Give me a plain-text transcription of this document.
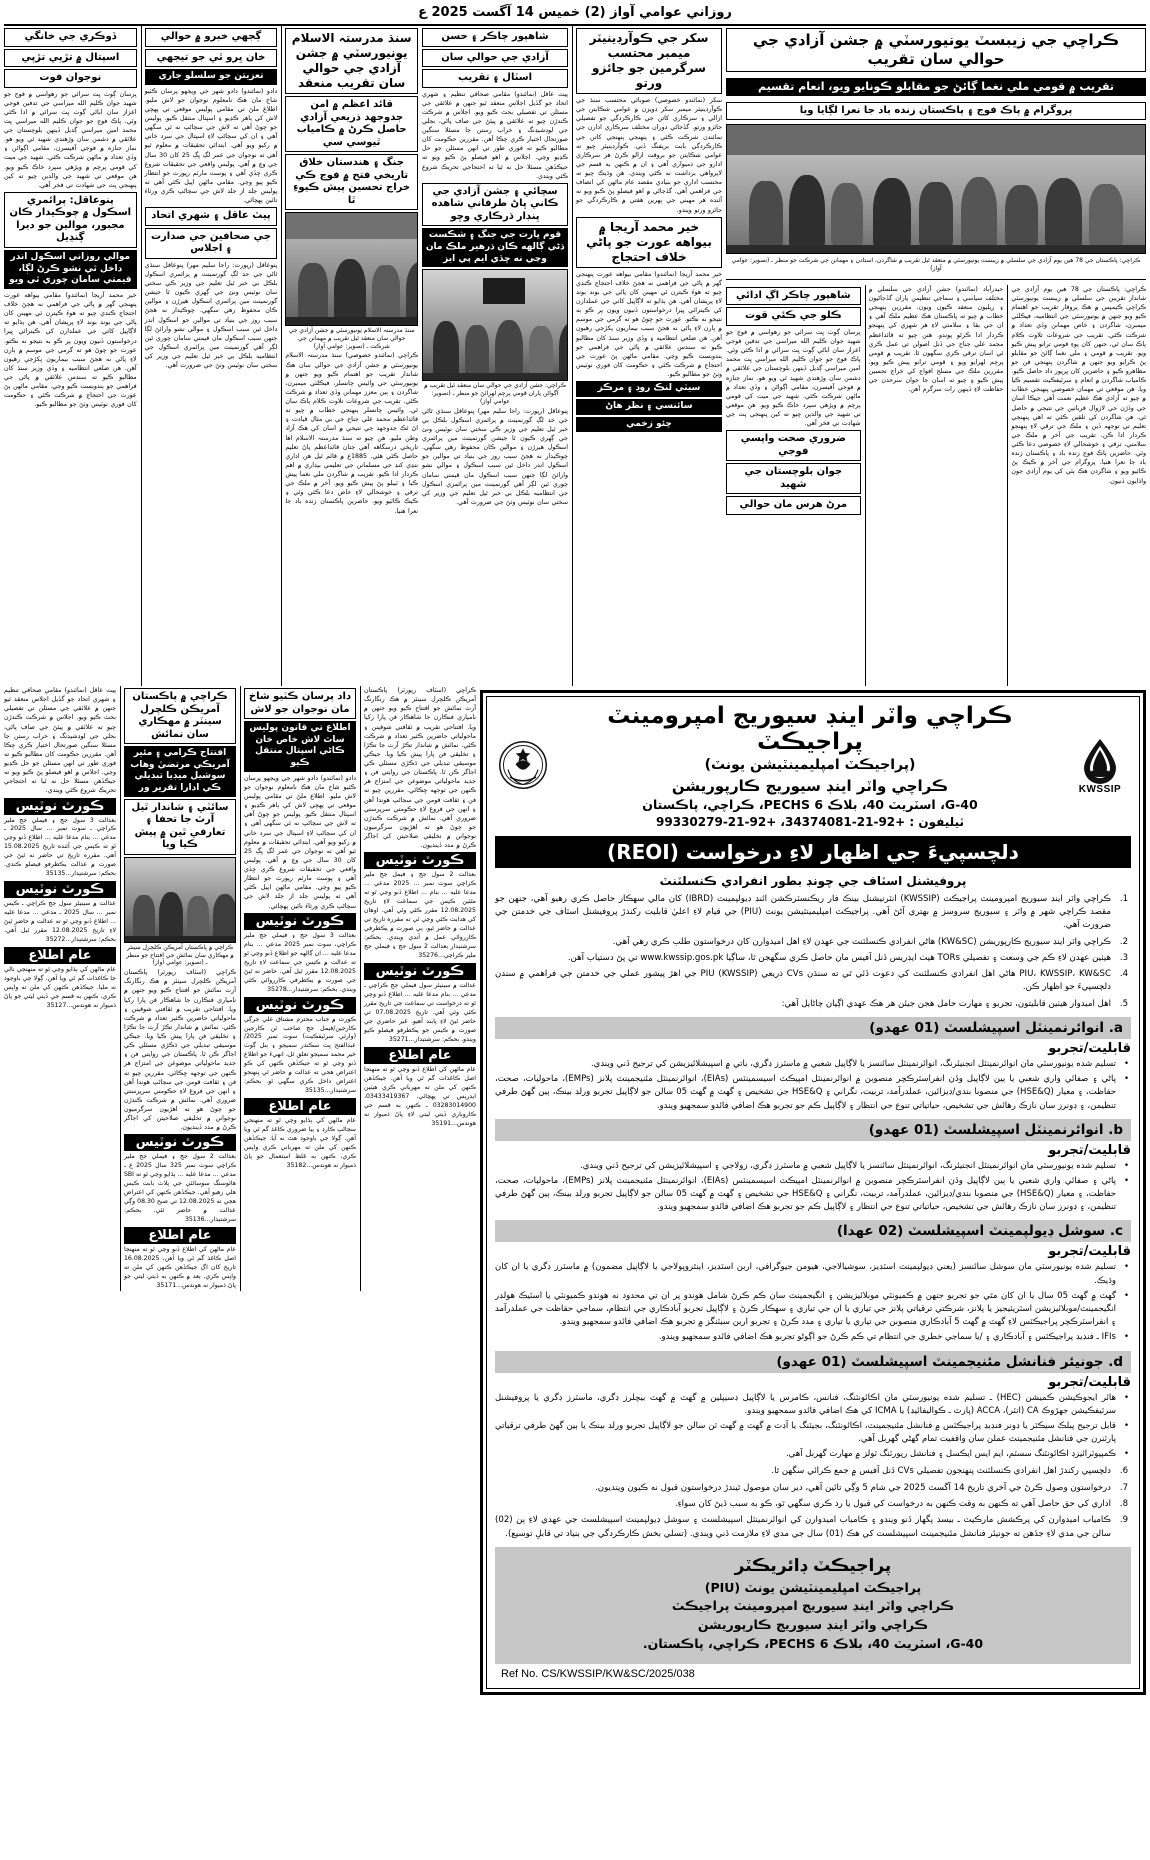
روزاني عوامي آواز (2) خميس 14 آگست 2025 ع
ڪراچي جي زيبسٽ يونيورسٽي ۾ جشن آزادي جي حوالي سان تقريب
تقريب ۾ قومي ملي نغما ڳائڻ جو مقابلو ڪونايو ويو، انعام تقسيم
پروگرام ۾ پاڪ فوج ۽ پاڪستان زنده باد جا نعرا لڳايا ويا
ڪراچي: پاڪستان جي 78 هين يوم آزادي جي سلسلي ۾ زيبسٽ يونيورسٽي ۾ منعقد ٿيل تقريب ۾ شاگردن، استادن ۽ مهمانن جي شرڪت جو منظر ـ (تصوير: عوامي آواز)
ڪراچي: پاڪستان جي 78 هين يوم آزادي جي شاندار تقريبن جي سلسلي ۾ زيبسٽ يونيورسٽي ڪراچي ڪيمپس ۾ هڪ پروقار تقريب جو اهتمام ڪيو ويو جنهن ۾ يونيورسٽي جي انتظاميه، فيڪلٽي ميمبرن، شاگردن ۽ خاص مهمانن وڏي تعداد ۾ شرڪت ڪئي. تقريب جي شروعات تلاوت ڪلام پاڪ سان ٿي، جنهن کان پوءِ قومي ترانو پيش ڪيو ويو. تقريب ۾ قومي ۽ ملي نغما ڳائڻ جو مقابلو پڻ ڪرايو ويو جنهن ۾ شاگردن پنهنجي فن جو مظاهرو ڪيو ۽ حاضرين کان ڀرپور داد حاصل ڪيو. ڪامياب شاگردن ۾ انعام ۽ سرٽيفڪيٽ تقسيم ڪيا ويا. هن موقعي تي مهمان خصوصي پنهنجي خطاب ۾ چيو ته آزادي هڪ عظيم نعمت آهي جيڪا اسان جي وڏڙن جي لازوال قربانين جي نتيجي ۾ حاصل ٿي. هن شاگردن کي تلقين ڪئي ته اهي پنهنجي تعليم تي توجهه ڏين ۽ ملڪ جي ترقي لاءِ پنهنجو ڪردار ادا ڪن. تقريب جي آخر ۾ ملڪ جي سلامتي، ترقي ۽ خوشحالي لاءِ خصوصي دعا ڪئي وئي. حاضرين پاڪ فوج زنده باد ۽ پاڪستان زنده باد جا نعرا هنيا. پروگرام جي آخر ۾ ڪيڪ پڻ ڪاٽيو ويو ۽ شاگردن هڪ ٻئي کي يوم آزادي جون واڌايون ڏنيون.
حيدرآباد (نمائندو) جشن آزادي جي سلسلي ۾ مختلف سياسي ۽ سماجي تنظيمن پاران گڏجاڻيون ۽ ريليون منعقد ڪيون ويون. مقررين پنهنجي خطاب ۾ چيو ته پاڪستان هڪ عظيم ملڪ آهي ۽ ان جي بقا ۽ سلامتي لاءِ هر شهري کي پنهنجو ڪردار ادا ڪرڻو پوندو. هنن چيو ته قائداعظم محمد علي جناح جي ڏنل اصولن تي عمل ڪري ئي اسان ترقي ڪري سگهون ٿا. تقريب ۾ قومي پرچم لهرايو ويو ۽ قومي ترانو پيش ڪيو ويو. مقررين ملڪ جي مسلح افواج کي خراج تحسين پيش ڪيو ۽ چيو ته اسان جا جوان سرحدن جي حفاظت لاءِ ڏينهن رات سرگرم آهن.
شاهپور چاڪر اڳ ادائي
ڪلو جي ڪئي قوت
پرسان ڳوٺ ڀت سرائي جو رهواسي ۾ فوج جو شهيد جوان ڪليم الله ميراسي جي تدفين فوجي اعزاز سان اباڻي ڳوٺ ڀت سرائي ۾ ادا ڪئي وئي. پاڪ فوج جو جوان ڪليم الله ميراسي ڀت محمد امين ميراسي ڳديل ڏينهن بلوچستان جي علائقي ۾ دشمن سان وڙهندي شهيد ٿي ويو هو. نماز جنازه ۾ فوجي آفيسرن، مقامي اڳواڻن ۽ وڏي تعداد ۾ ماڻهن شرڪت ڪئي. شهيد جي ميت کي قومي پرچم ۾ ويڙهي سپرد خاڪ ڪيو ويو. هن موقعي تي شهيد جي والدين چيو ته کين پنهنجي پٽ جي شهادت تي فخر آهي.
ضروري صحت واپسي فوجي
جوان بلوچستان جي شهيد
مرڻ هرس مان حوالي
سکر جي ڪوآرڊينيٽر ميمبر محتسب سرگرمين جو جائزو ورتو
سکر (نمائندو خصوصي) صوبائي محتسب سنڌ جي ڪوآرڊينيٽر ميمبر سکر ڊويزن ۾ عوامي شڪايتن جي ازالي ۽ سرڪاري کاتن جي ڪارڪردگي جو تفصيلي جائزو ورتو. گڏجاڻي دوران مختلف سرڪاري ادارن جي نمائندن شرڪت ڪئي ۽ پنهنجي پنهنجي کاتن جي ڪارڪردگي بابت بريفنگ ڏني. ڪوآرڊينيٽر چيو ته عوامي شڪايتن جو بروقت ازالو ڪرڻ هر سرڪاري ادارو جي ذميواري آهي ۽ ان ۾ ڪنهن به قسم جي لاپرواهي برداشت نه ڪئي ويندي. هن وڌيڪ چيو ته محتسب اداري جو بنيادي مقصد عام ماڻهن کي انصاف جي فراهمي آهي. گڏجاڻي ۾ اهو فيصلو پڻ ڪيو ويو ته آئنده هر مهيني جي پهرين هفتي ۾ ڪارڪردگي جو جائزو ورتو ويندو.
خير محمد آريجا ۾ بيواهه عورت جو پاڻي خلاف احتجاج
خير محمد آريجا (نمائندو) مقامي بيواهه عورت پنهنجي گهر ۾ پاڻي جي فراهمي نه هجڻ خلاف احتجاج ڪندي چيو ته هوءَ ڪيترن ئي مهينن کان پاڻي جي بوند بوند لاءِ پريشان آهي. هن ٻڌايو ته لاڳاپيل کاتي جي عملدارن کي ڪيترائي ڀيرا درخواستون ڏنيون ويون پر ڪو به نتيجو نه نڪتو. عورت جو چوڻ هو ته گرمي جي موسم ۾ ٻارن لاءِ پاڻي نه هجڻ سبب بيماريون پکڙجي رهيون آهن. هن ضلعي انتظاميه ۽ وڏي وزير سنڌ کان مطالبو ڪيو ته سندس علائقي ۾ پاڻي جي فراهمي جو بندوبست ڪيو وڃي. مقامي ماڻهن پڻ عورت جي احتجاج ۾ شرڪت ڪئي ۽ حڪومت کان فوري نوٽيس وٺڻ جو مطالبو ڪيو.
سيٽي لنڪ روڊ ۽ مرڪز
سائنسي ۽ نظر هاڻ
چئو زخمي
شاهپور چاڪر ۽ حسن
آزادي جي حوالي سان
اسٽال ۽ تقريب
پيٽ عاقل (نمائندو) مقامي صحافي تنظيم ۽ شهري اتحاد جو گڏيل اجلاس منعقد ٿيو جنهن ۾ علائقي جي مسئلن تي تفصيلي بحث ڪيو ويو. اجلاس ۾ شرڪت ڪندڙن چيو ته علائقي ۾ پيئڻ جي صاف پاڻي، بجلي جي لوڊشيڊنگ ۽ خراب رستن جا مسئلا سنگين صورتحال اختيار ڪري چڪا آهن. مقررين حڪومت کان مطالبو ڪيو ته فوري طور تي انهن مسئلن جو حل ڪڍيو وڃي. اجلاس ۾ اهو فيصلو پڻ ڪيو ويو ته جيڪڏهن مسئلا حل نه ٿيا ته احتجاجي تحريڪ شروع ڪئي ويندي.
سچائي ۽ جشن آزادي جي ڪاني ڀاڻ طرفاني شاهده ڀنڊار ڌرڪاري وڇو
قوم ڀارت جي جنگ ۽ شڪست ڌڻي ڳالهه ڪان ڌرهير ملڪ مان وڃي نه ڇڏي ايم پي ايز
ڪراچي: جشن آزادي جي حوالي سان منعقد ٿيل تقريب ۾ اڳواڻن پاران قومي پرچم لهرائڻ جو منظر ـ (تصوير: عوامي آواز)
پنوعاقل (رپورٽ: راجا سليم مهر) پنوعاقل سنڌي ٿاڻي جي حد لڳ گورنمينٽ ۾ پرائمري اسڪول بلڪل بي خبر ٿيل تعليم جي وزير ڪي سختي سان نوٽيس ونئ جي ڳهري ڪيون ٿا جيشن گورنمينٽ مين پرائمري اسڪول هيرڙن ۽ موالين ڪان محفوظ رهي سگهي. چوڪيدار نه هجڻ سبب روز جي بنياد تي موالين جو اسڪول اندر داخل ٿين سبب اسڪول ۽ موالي نشو وارائڻ لڳا جنهن سبب اسڪول مان قيمتي سامان چوري ٿين لڳر آهي گورنمينٽ مين پرائمري اسڪول جي انتظاميه بلڪل بي خبر ٿيل تعليم جي وزير کي سختي سان نوٽيس وٺڻ جي ضرورت آهي.
سنڌ مدرستہ الاسلام يونيورسٽي ۾ جشن آزادي جي حوالي سان تقريب منعقد
قائد اعظم ۾ امن جدوجهد ذريعي آزادي حاصل ڪرڻ ۾ ڪامياب ٿيوسي سي
جنگ ۽ هندستان خلاق تاريخي فتح ۾ فوج ڪي خراج تحسين پيش ڪيوءِ ٿا
سنڌ مدرستہ الاسلام يونيورسٽي ۾ جشن آزادي جي حوالي سان منعقد ٿيل تقريب ۾ مهمانن جي شرڪت ـ (تصوير: عوامي آواز)
ڪراچي (نمائندو خصوصي) سنڌ مدرستہ الاسلام يونيورسٽي ۾ جشن آزادي جي حوالي سان هڪ شاندار تقريب جو اهتمام ڪيو ويو جنهن ۾ يونيورسٽي جي وائيس چانسلر، فيڪلٽي ميمبرن، شاگردن ۽ ٻين معزز مهمانن وڏي تعداد ۾ شرڪت ڪئي. تقريب جي شروعات تلاوت ڪلام پاڪ سان ٿي. وائيس چانسلر پنهنجي خطاب ۾ چيو ته قائداعظم محمد علي جناح جي بي مثال قيادت ۽ اڻ ٿڪ جدوجهد جي نتيجي ۾ اسان کي هڪ آزاد وطن مليو. هن چيو ته سنڌ مدرستہ الاسلام اها تاريخي درسگاهه آهي جتان قائداعظم پاڻ تعليم حاصل ڪئي هئي. 1885ع ۾ قائم ٿيل هن اداري ننڍي کنڊ جي مسلمانن جي تعليمي بيداري ۾ اهم ڪردار ادا ڪيو. تقريب ۾ شاگردن ملي نغما پيش ڪيا ۽ ٽيبلو پڻ پيش ڪيو ويو. آخر ۾ ملڪ جي ترقي ۽ خوشحالي لاءِ خاص دعا ڪئي وئي ۽ ڪيڪ ڪاٽيو ويو. حاضرين پاڪستان زنده باد جا نعرا هنيا.
ڳجهي خبرو ۾ حوالي
خان ڀرو ٿي جو تيجهي
تعزيتن جو سلسلو جاري
دادو (نمائندو) دادو شهر جي ويجهو پرسان ڪٽيو شاخ مان هڪ نامعلوم نوجوان جو لاش مليو. اطلاع ملڻ تي مقامي پوليس موقعي تي پهچي لاش کي ٻاهر ڪڍيو ۽ اسپتال منتقل ڪيو. پوليس جو چوڻ آهي ته لاش جي سڃاڻپ نه ٿي سگهي آهي ۽ ان کي سڃاڻپ لاءِ اسپتال جي سرد خاني ۾ رکيو ويو آهي. ابتدائي تحقيقات ۾ معلوم ٿيو آهي ته نوجوان جي عمر لڳ ڀڳ 25 کان 30 سال جي وچ ۾ آهي. پوليس واقعي جي تحقيقات شروع ڪري ڇڏي آهي ۽ پوسٽ مارٽم رپورٽ جو انتظار ڪيو پيو وڃي. مقامي ماڻهن اپيل ڪئي آهي ته پوليس جلد از جلد لاش جي سڃاڻپ ڪري ورثاءَ تائين پهچائي.
پيٽ عاقل ۽ شهري اتحاد
جي صحافين جي صدارت ۽ اجلاس
پنوعاقل (رپورٽ: راجا سليم مهر) پنوعاقل سنڌي ٿاڻي جي حد لڳ گورنمينٽ ۾ پرائمري اسڪول بلڪل بي خبر ٿيل تعليم جي وزير ڪي سختي سان نوٽيس ونئ جي ڳهري ڪيون ٿا جيشن گورنمينٽ مين پرائمري اسڪول هيرڙن ۽ موالين ڪان محفوظ رهي سگهي. چوڪيدار نه هجڻ سبب روز جي بنياد تي موالين جو اسڪول اندر داخل ٿين سبب اسڪول ۽ موالي نشو وارائڻ لڳا جنهن سبب اسڪول مان قيمتي سامان چوري ٿين لڳر آهي گورنمينٽ مين پرائمري اسڪول جي انتظاميه بلڪل بي خبر ٿيل تعليم جي وزير کي سختي سان نوٽيس وٺڻ جي ضرورت آهي.
ڏوڪري جي خانگي
اسپتال ۾ تڙپي تڙپي
نوجوان فوت
پرسان ڳوٺ ڀت سرائي جو رهواسي ۾ فوج جو شهيد جوان ڪليم الله ميراسي جي تدفين فوجي اعزاز سان اباڻي ڳوٺ ڀت سرائي ۾ ادا ڪئي وئي. پاڪ فوج جو جوان ڪليم الله ميراسي ڀت محمد امين ميراسي ڳديل ڏينهن بلوچستان جي علائقي ۾ دشمن سان وڙهندي شهيد ٿي ويو هو. نماز جنازه ۾ فوجي آفيسرن، مقامي اڳواڻن ۽ وڏي تعداد ۾ ماڻهن شرڪت ڪئي. شهيد جي ميت کي قومي پرچم ۾ ويڙهي سپرد خاڪ ڪيو ويو. هن موقعي تي شهيد جي والدين چيو ته کين پنهنجي پٽ جي شهادت تي فخر آهي.
پنوعاقل: پرائمري اسڪول ۾ چوڪيدار ڪان مجبور، موالين جو ديرا ڳنڍيل
موالي روزاني اسڪول اندر داخل ٿي نشو ڪرڻ لڳا، قيمتي سامان چوري ٿي ويو
خير محمد آريجا (نمائندو) مقامي بيواهه عورت پنهنجي گهر ۾ پاڻي جي فراهمي نه هجڻ خلاف احتجاج ڪندي چيو ته هوءَ ڪيترن ئي مهينن کان پاڻي جي بوند بوند لاءِ پريشان آهي. هن ٻڌايو ته لاڳاپيل کاتي جي عملدارن کي ڪيترائي ڀيرا درخواستون ڏنيون ويون پر ڪو به نتيجو نه نڪتو. عورت جو چوڻ هو ته گرمي جي موسم ۾ ٻارن لاءِ پاڻي نه هجڻ سبب بيماريون پکڙجي رهيون آهن. هن ضلعي انتظاميه ۽ وڏي وزير سنڌ کان مطالبو ڪيو ته سندس علائقي ۾ پاڻي جي فراهمي جو بندوبست ڪيو وڃي. مقامي ماڻهن پڻ عورت جي احتجاج ۾ شرڪت ڪئي ۽ حڪومت کان فوري نوٽيس وٺڻ جو مطالبو ڪيو.
KWSSIP
ڪراچي واٽر اينڊ سيوريج امپرومينٽ پراجيڪٽ
(پراجيڪٽ امپليمينٽيشن يونٽ)
ڪراچي واٽر اينڊ سيوريج ڪارپوريشن
40-G، اسٽريٽ 40، بلاڪ 6 PECHS، ڪراچي، پاڪستان
ٽيليفون : +92-21-34374081، +92-21-99330279
دلچسپيءَ جي اظهار لاءِ درخواست (REOI)
پروفيشنل اسٽاف جي چونڊ بطور انفرادي ڪنسلٽنٽ
1.
ڪراچي واٽر اينڊ سيوريج امپرومينٽ پراجيڪٽ (KWSSIP) انٽرنيشنل بينڪ فار ريڪنسٽرڪشن ائنڊ ڊيولپمينٽ (IBRD) کان مالي سهڪار حاصل ڪري رهيو آهي، جنهن جو مقصد ڪراچي شهر ۾ واٽر ۽ سيوريج سروسز ۾ بهتري آڻڻ آهي. پراجيڪٽ امپليمينٽيشن يونٽ (PIU) جي قيام لاءِ اعليٰ قابليت رکندڙ پروفيشنل اسٽاف جي خدمتن جي ضرورت آهي.
2.
ڪراچي واٽر اينڊ سيوريج ڪارپوريشن (KW&SC) هاڻي انفرادي ڪنسلٽنٽ جي عهدن لاءِ اهل اميدوارن کان درخواستون طلب ڪري رهي آهي.
3.
هيٺين عهدن لاءِ ڪم جي وسعت ۽ تفصيلي TORs هيٺ ايڊريس ڏنل آفيس مان حاصل ڪري سگهجن ٿا، ساڳيا www.kwssip.gos.pk تي پڻ دستياب آهن.
4.
PIU، KWSSIP، KW&SC هاڻي اهل انفرادي ڪنسلٽنٽ کي دعوت ڏئي ٿي ته سنڌن CVs ذريعي PIU (KWSSIP) جي اهڙ پيشور عملي جي خدمتن جي فراهمي ۾ سندن دلچسپيءَ جو اظهار ڪن.
5.
اهل اميدوار هيٺين قابليتون، تجربو ۽ مهارت حامل هجن جيئن هر هڪ عهدي اڳيان ڄاڻايل آهي:
a. انوائرنمينٽل اسپيشلسٽ (01 عهدو)
قابليت/تجربو
•
تسليم شده يونيورسٽي مان انوائرنمينٽل انجنيئرنگ، انوائرنمينٽل سائنسز يا لاڳاپيل شعبي ۾ ماسٽرز ڊگري، باتي ۾ اسپيشلائيزيشن کي ترجيح ڏني ويندي.
•
پاڻي ۽ صفائي واري شعبي يا ٻين لاڳاپيل وڏن انفراسٽرڪچر منصوبن ۾ انوائرنمينٽل امپيڪٽ اسيسمينٽس (EIAs)، انوائرنمينٽل مئنيجمينٽ پلانز (EMPs)، ماحوليات، صحت، حفاظت، ۽ معيار (HSE&Q) جي منصوبا بندي/ڊيزائين، عملدرآمد، تربيت، نگراني ۽ HSE&Q جي تشخيص ۽ گهٽ ۾ گهٽ 05 سالن جو لاڳاپيل تجربو ورلڊ بينڪ، ٻين گهڻ طرفي تنظيمن، ۽ ڊونرز سان نازڪ رهائش جي تشخيص، حياتياتي تنوع جي انتظار ۽ لاڳاپيل ڪم جو تجربو هڪ اضافي فائدو سمجهيو ويندو.
b. انوائرنمينٽل اسپيشلسٽ (01 عهدو)
قابليت/تجربو
•
تسليم شده يونيورسٽي مان انوائرنمينٽل انجنيئرنگ، انوائرنمينٽل سائنسز يا لاڳاپيل شعبي ۾ ماسٽرز ڊگري، زولاجي ۽ اسپيشلائيزيشن کي ترجيح ڏني ويندي.
•
پاڻي ۽ صفائي واري شعبي يا ٻين لاڳاپيل وڏن انفراسٽرڪچر منصوبن ۾ انوائرنمينٽل امپيڪٽ اسيسمينٽس (EIAs)، انوائرنمينٽل مئنيجمينٽ پلانز (EMPs)، ماحوليات، صحت، حفاظت، ۽ معيار (HSE&Q) جي منصوبا بندي/ڊيزائين، عملدرآمد، تربيت، نگراني ۽ HSE&Q جي تشخيص ۽ گهٽ ۾ گهٽ 05 سالن جو لاڳاپيل تجربو ورلڊ بينڪ، ٻين گهڻ طرفي تنظيمن، ۽ ڊونرز سان نازڪ رهائش جي تشخيص، حياتياتي تنوع جي انتظار ۽ لاڳاپيل ڪم جو تجربو هڪ اضافي فائدو سمجهيو ويندو.
c. سوشل ڊيولپمينٽ اسپيشلسٽ (02 عهدا)
قابليت/تجربو
•
تسليم شده يونيورسٽي مان سوشل سائنسز (يعني ڊيولپمينٽ اسٽڊيز، سوشيالاجي، هيومن جيوگرافي، اربن اسٽڊيز، اينٿروپولاجي يا لاڳاپيل مضمون) ۾ ماسٽرز ڊگري يا ان کان وڌيڪ.
•
گهٽ ۾ گهٽ 05 سال يا ان کان مٿي جو تجربو جنهن ۾ ڪميونٽي موبلائيزيشن ۽ انگيجمينٽ سان ڪم ڪرڻ شامل هوندو پر ان تي محدود نه هوندو ڪميونٽي يا اسٽيڪ هولڊر انگيجمينٽ/موبلائيزيشن اسٽريٽيجيز يا پلانز، شرڪتي ترقياتي پلانز جي تياري يا ان جي تياري ۽ سهڪار ڪرڻ ۽ لاڳاپيل تجربو آبادڪاري جي انتظام، سماجي حفاظت جي عملدرآمد ۽ انفراسٽرڪچر پراجيڪٽس لاءِ گهٽ ۾ گهٽ 5 آبادڪاري منصوبن جي تياري يا تياري ۽ مدد ڪرڻ ۽ تجربو اربن سيٽنگز ۾ تجربو هڪ اضافي فائدو سمجهيو ويندو.
•
IFIs ـ فنڊيڊ پراجيڪٽس ۽ آبادڪاري ۽ /يا سماجي خطري جي انتظام تي ڪم ڪرڻ جو اڳوڻو تجربو هڪ اضافي فائدو سمجهيو ويندو.
d. جونيئر فنانشل مئنيجمينٽ اسپيشلسٽ (01 عهدو)
قابليت/تجربو
•
هائر ايجوڪيشن ڪميشن (HEC) ـ تسليم شده يونيورسٽي مان اڪائونٽنگ، فنانس، ڪامرس يا لاڳاپيل ڊسيپلين ۾ گهٽ ۾ گهٽ بيچلرز ڊگري، ماسٽرز ڊگري يا پروفيشنل سرٽيفڪيشن جهڙوڪ CA (انٽر)، ACCA (پارٽ ـ ڪواليفائيڊ) يا ICMA کي هڪ اضافي فائدو سمجهيو ويندو.
•
قابل ترجيح پبلڪ سيڪٽر يا ڊونر فنڊيڊ پراجيڪٽس ۾ فنانشل مئنيجمينٽ، اڪائونٽنگ، بجيٽنگ يا آڊٽ ۾ گهٽ ۾ گهٽ ٽن سالن جو لاڳاپيل تجربو ورلڊ بينڪ يا ٻين گهڻ طرفي ترقياتي پارٽنرن جي فنانشل مئنيجمينٽ عملن سان واقفيت تمام گهڻي گهربل آهي.
•
ڪمپيوٽرائيزڊ اڪائونٽنگ سسٽم، ايم ايس ايڪسل ۽ فنانشل رپورٽنگ ٽولز ۾ مهارت گهربل آهي.
6.
دلچسپي رکندڙ اهل انفرادي ڪنسلٽنٽ پنهنجون تفصيلي CVs ڏنل آفيس ۾ جمع ڪرائي سگهن ٿا.
7.
درخواستون وصول ڪرڻ جي آخري تاريخ 14 آگسٽ 2025 جي شام 5 وڳي تائين آهي، دير سان موصول ٿيندڙ درخواستون قبول نه ڪيون وينديون.
8.
اداري کي حق حاصل آهي ته ڪنهن به وقت ڪنهن به درخواست کي قبول يا رد ڪري سگهي ٿو، ڪو به سبب ڏيڻ کان سواءِ.
9.
ڪامياب اميدوارن کي پرڪشش مارڪيٽ ـ بيسڊ پگهار ڏنو ويندو ۽ ڪامياب اميدوارن کي انوائرنمينٽل اسپيشلسٽ ۽ سوشل ڊيولپمينٽ اسپيشلسٽ جي عهدي لاءِ ٻن (02) سالن جي مدي لاءِ جڏهن ته جونيئر فنانشل مئنيجمينٽ اسپيشلسٽ کي هڪ (01) سال جي مدي لاءِ ملازمت ڏني ويندي. (تسلي بخش ڪارڪردگي جي بنياد تي قابلِ توسيع).
پراجيڪٽ ڊائريڪٽر
پراجيڪٽ امپليمينٽيشن يونٽ (PIU)
ڪراچي واٽر اينڊ سيوريج امپرومينٽ پراجيڪٽ
ڪراچي واٽر اينڊ سيوريج ڪارپوريشن
40-G، اسٽريٽ 40، بلاڪ 6 PECHS، ڪراچي، پاڪستان.
Ref No. CS/KWSSIP/KW&SC/2025/038
ڪراچي (اسٽاف رپورٽر) پاڪستان آمريڪن ڪلچرل سينٽر ۾ هڪ رنگارنگ آرٽ نمائش جو افتتاح ڪيو ويو جنهن ۾ نامياري فنڪارن جا شاهڪار فن پارا رکيا ويا. افتتاحي تقريب ۾ ثقافتي شوقينن ۽ ماحولياتي حاضرين ڪثير تعداد ۾ شرڪت ڪئي. نمائش ۾ شاندار تڪڙ آرٽ جا تڪڙا ۽ تخليقي فن پارا پيش ڪيا ويا. جيڪي موسيقي تبديلي جي ڌڪڙي مسئلي ڪي اجاگر ڪن ٿا. پاڪستان جي روايتي فن ۽ جديد ماحولياتي موضوعن جي امتزاج هر ڪنهن جي توجهه ڇڪائي. مقررين چيو ته فن ۽ ثقافت قومن جي سڃاڻپ هوندا آهن ۽ انهن جي فروغ لاءِ حڪومتي سرپرستي ضروري آهي. نمائش ۾ شرڪت ڪندڙن جو چوڻ هو ته اهڙيون سرگرميون نوجوانن ۾ تخليقي صلاحيتن کي اجاگر ڪرڻ ۾ مدد ڏينديون.
ڪورٽ نوٽيس
بعدالت 2 سول جج ۽ فيمل جج ملير ڪراچي سوٽ نمبر ... 2025 مدعي ... مدعا عليه ... بنام ... اطلاع ڏنو وڃي ٿو ته مٿئين ڪيس جي سماعت لاءِ تاريخ 12.08.2025 مقرر ڪئي وئي آهي. اوهان کي هدايت ڪئي وڃي ٿي ته مقرره تاريخ تي عدالت ۾ حاضر ٿيو، ٻي صورت ۾ يڪطرفي ڪارروائي عمل ۾ آندي ويندي. بحڪم: سرشتيدار بعدالت 2 سول جج ۽ فيملي جج ملير ڪراچي...35276
ڪورٽ نوٽيس
عدالت ۾ سينيئر سول فيملي جج ڪراچي ـ مدعي ... بنام مدعا عليه ... اطلاع ڏنو وڃي ٿو ته درخواست تي سماعت جي تاريخ مقرر ڪئي وئي آهي. تاريخ 07.08.2025 تي حاضر ٿيڻ لاءِ پابند آهيو. غير حاضري جي صورت ۾ ڪيس جو يڪطرفو فيصلو ڪيو ويندو. بحڪم: سرشتيدار...35271
عام اطلاع
عام ماڻهن کي اطلاع ڏنو وڃي ٿو ته منهنجا اصل ڪاغذات گم ٿي ويا آهن. جيڪڏهن ڪنهن کي ملن ته مهرباني ڪري هيٺين ايڊريس تي پهچائي. 03433419367، 03283014900 ـ ڪنهن به قسم جي ڪاروباري ڏيتي ليتي لاءِ پاڻ ذميوار نه هوندس...35191
داد پرسان ڪٽيو شاخ مان نوجوان جو لاش
اطلاع تي قانون پوليس ساٿ لاش خاص خان ڪاڻي اسپتال منتقل ڪيو
دادو (نمائندو) دادو شهر جي ويجهو پرسان ڪٽيو شاخ مان هڪ نامعلوم نوجوان جو لاش مليو. اطلاع ملڻ تي مقامي پوليس موقعي تي پهچي لاش کي ٻاهر ڪڍيو ۽ اسپتال منتقل ڪيو. پوليس جو چوڻ آهي ته لاش جي سڃاڻپ نه ٿي سگهي آهي ۽ ان کي سڃاڻپ لاءِ اسپتال جي سرد خاني ۾ رکيو ويو آهي. ابتدائي تحقيقات ۾ معلوم ٿيو آهي ته نوجوان جي عمر لڳ ڀڳ 25 کان 30 سال جي وچ ۾ آهي. پوليس واقعي جي تحقيقات شروع ڪري ڇڏي آهي ۽ پوسٽ مارٽم رپورٽ جو انتظار ڪيو پيو وڃي. مقامي ماڻهن اپيل ڪئي آهي ته پوليس جلد از جلد لاش جي سڃاڻپ ڪري ورثاءَ تائين پهچائي.
ڪورٽ نوٽيس
بعدالت 3 سول جج ۽ فيملي جج ملير ڪراچي، سوٽ نمبر 2025 مدعي ... بنام مدعا عليه ... ان ڳالهه جو اطلاع ڏنو وڃي ٿو ته عدالت ۾ ڪيس جي سماعت لاءِ تاريخ 12.08.2025 مقرر ٿيل آهي. حاضر نه ٿيڻ جي صورت ۾ يڪطرفي ڪارروائي ڪئي ويندي. بحڪم: سرشتيدار...35278
ڪورٽ نوٽيس
ڪورٽ ۾ جناب محترم مشتاق علي جرڳي ڪارجين/فيمل جج صاحب ٽن ڪارجين (وارثي سرٽيفڪيٽ) سوٽ نمبر 2025/ عبدالفتح ڀت سڪندر سميجو ۽ ٻنل ڳوٺ خير محمد سميجو تعلق ٿل، انهيءَ جو اطلاع ڏنو وڃي ٿو ته جيڪڏهن ڪنهن کي ڪو اعتراض هجي ته عدالت ۾ حاضر ٿي پنهنجو اعتراض داخل ڪري سگهي ٿو. بحڪم: سرشتيدار...35135
عام اطلاع
عام ماڻهن کي ٻڌايو وڃي ٿو ته منهنجي سڃاڻپ ڪارڊ ۽ ٻيا ضروري ڪاغذ گم ٿي ويا آهن. ڳولا جي باوجود هٿ نه آيا. جيڪڏهن ڪنهن کي ملن ته مهرباني ڪري واپس ڪري. ڪنهن به غلط استعمال جو پاڻ ذميوار نه هوندس...35182
ڪراچي ۾ پاڪستان آمريڪن ڪلچرل سينٽر ۾ مهڪاري سان نمائش
افتتاح ڪرامي ۽ مئير آمريڪي مرتضيٰ وهاب سوشيل ميڊيا تبديلي ڪي ادارا تقرير ور
سائٽي ۽ شاندار ٿيل آرٽ جا تحفا ۽ تعارفي ٿين ۾ پيش ڪيا ويا
ڪراچي ۾ پاڪستان آمريڪن ڪلچرل سينٽر ۾ مهڪاري سان نمائش جي افتتاح جو منظر ـ (تصوير: عوامي آواز)
ڪراچي (اسٽاف رپورٽر) پاڪستان آمريڪن ڪلچرل سينٽر ۾ هڪ رنگارنگ آرٽ نمائش جو افتتاح ڪيو ويو جنهن ۾ نامياري فنڪارن جا شاهڪار فن پارا رکيا ويا. افتتاحي تقريب ۾ ثقافتي شوقينن ۽ ماحولياتي حاضرين ڪثير تعداد ۾ شرڪت ڪئي. نمائش ۾ شاندار تڪڙ آرٽ جا تڪڙا ۽ تخليقي فن پارا پيش ڪيا ويا. جيڪي موسيقي تبديلي جي ڌڪڙي مسئلي ڪي اجاگر ڪن ٿا. پاڪستان جي روايتي فن ۽ جديد ماحولياتي موضوعن جي امتزاج هر ڪنهن جي توجهه ڇڪائي. مقررين چيو ته فن ۽ ثقافت قومن جي سڃاڻپ هوندا آهن ۽ انهن جي فروغ لاءِ حڪومتي سرپرستي ضروري آهي. نمائش ۾ شرڪت ڪندڙن جو چوڻ هو ته اهڙيون سرگرميون نوجوانن ۾ تخليقي صلاحيتن کي اجاگر ڪرڻ ۾ مدد ڏينديون.
ڪورٽ نوٽيس
بعدالت 2 سول جج ۽ فيملي جج ملير ڪراچي سوٽ نمبر 325 سال 2025 ع ـ مدعي ... مدعا عليه ... ٻڌايو وڃي ٿو ته SBI هائوسنگ سوسائٽي جي پلاٽ بابت ڪيس هلي رهيو آهي. جيڪڏهن ڪنهن کي اعتراض هجي ته 12.08.2025 تي صبح 08.30 وڳي عدالت ۾ حاضر ٿئي. بحڪم: سرشتيدار...35136
عام اطلاع
عام ماڻهن کي اطلاع ڏنو وڃي ٿو ته منهنجا اصل ڪاغذ گم ٿي ويا آهن، 16.08.2025 تاريخ کان اڳ جيڪڏهن ڪنهن کي ملن ته واپس ڪري. بعد ۾ ڪنهن به ڏيتي ليتي جو پاڻ ذميوار نه هوندس...35171
پيٽ عاقل (نمائندو) مقامي صحافي تنظيم ۽ شهري اتحاد جو گڏيل اجلاس منعقد ٿيو جنهن ۾ علائقي جي مسئلن تي تفصيلي بحث ڪيو ويو. اجلاس ۾ شرڪت ڪندڙن چيو ته علائقي ۾ پيئڻ جي صاف پاڻي، بجلي جي لوڊشيڊنگ ۽ خراب رستن جا مسئلا سنگين صورتحال اختيار ڪري چڪا آهن. مقررين حڪومت کان مطالبو ڪيو ته فوري طور تي انهن مسئلن جو حل ڪڍيو وڃي. اجلاس ۾ اهو فيصلو پڻ ڪيو ويو ته جيڪڏهن مسئلا حل نه ٿيا ته احتجاجي تحريڪ شروع ڪئي ويندي.
ڪورٽ نوٽيس
بعدالت 3 سول جج ۽ فيملي جج ملير ڪراچي ـ سوٽ نمبر ... سال 2025 ـ مدعي ... بنام مدعا عليه ... اطلاع ڏنو وڃي ٿو ته ڪيس جي آئنده تاريخ 15.08.2025 آهي. مقرره تاريخ تي حاضر نه ٿيڻ جي صورت ۾ عدالت يڪطرفو فيصلو ڪندي. بحڪم: سرشتيدار...35135
ڪورٽ نوٽيس
عدالت ۾ سينيئر سول جج ڪراچي ـ ڪيس نمبر ... سال 2025 ـ مدعي ... مدعا عليه ... اطلاع ڏنو وڃي ٿو ته عدالت ۾ حاضر ٿيڻ لاءِ تاريخ 12.08.2025 مقرر ٿيل آهي. بحڪم: سرشتيدار...35272
عام اطلاع
عام ماڻهن کي ٻڌايو وڃي ٿو ته منهنجي نالي جا ڪاغذات گم ٿي ويا آهن. ڳولا جي باوجود نه مليا. جيڪڏهن ڪنهن کي ملن ته واپس ڪري. ڪنهن به قسم جي ڏيتي ليتي جو پاڻ ذميوار نه هوندس...35127
